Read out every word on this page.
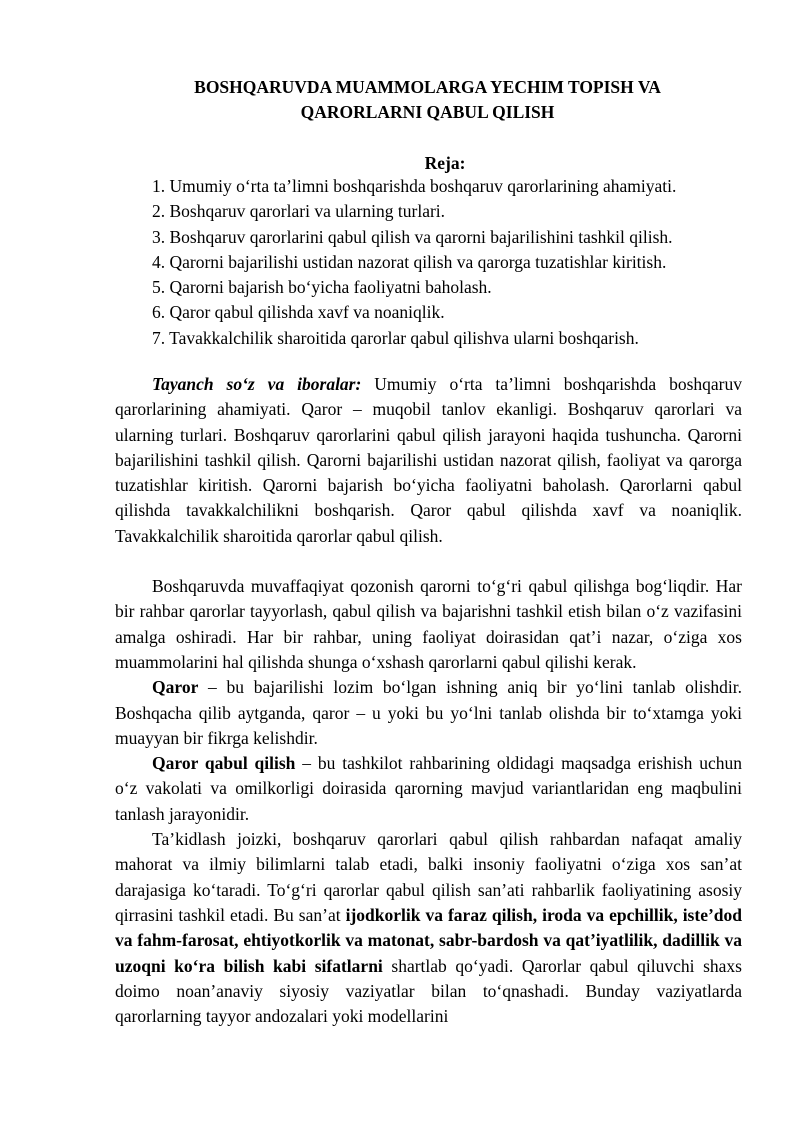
BOSHQARUVDA MUAMMOLARGA YECHIM TOPISH VA QARORLARNI QABUL QILISH
Reja:
1. Umumiy o‘rta ta’limni boshqarishda boshqaruv qarorlarining ahamiyati.
2. Boshqaruv qarorlari va ularning turlari.
3. Boshqaruv qarorlarini qabul qilish va qarorni bajarilishini tashkil qilish.
4. Qarorni bajarilishi ustidan nazorat qilish va qarorga tuzatishlar kiritish.
5. Qarorni bajarish bo‘yicha faoliyatni baholash.
6. Qaror qabul qilishda xavf va noaniqlik.
7. Tavakkalchilik sharoitida qarorlar qabul qilishva ularni boshqarish.

Tayanch so‘z va iboralar: Umumiy o‘rta ta’limni boshqarishda boshqaruv qarorlarining ahamiyati. Qaror – muqobil tanlov ekanligi. Boshqaruv qarorlari va ularning turlari. Boshqaruv qarorlarini qabul qilish jarayoni haqida tushuncha. Qarorni bajarilishini tashkil qilish. Qarorni bajarilishi ustidan nazorat qilish, faoliyat va qarorga tuzatishlar kiritish. Qarorni bajarish bo‘yicha faoliyatni baholash. Qarorlarni qabul qilishda tavakkalchilikni boshqarish. Qaror qabul qilishda xavf va noaniqlik. Tavakkalchilik sharoitida qarorlar qabul qilish.

Boshqaruvda muvaffaqiyat qozonish qarorni to‘g‘ri qabul qilishga bog‘liqdir. Har bir rahbar qarorlar tayyorlash, qabul qilish va bajarishni tashkil etish bilan o‘z vazifasini amalga oshiradi. Har bir rahbar, uning faoliyat doirasidan qat’i nazar, o‘ziga xos muammolarini hal qilishda shunga o‘xshash qarorlarni qabul qilishi kerak.

Qaror – bu bajarilishi lozim bo‘lgan ishning aniq bir yo‘lini tanlab olishdir. Boshqacha qilib aytganda, qaror – u yoki bu yo‘lni tanlab olishda bir to‘xtamga yoki muayyan bir fikrga kelishdir.

Qaror qabul qilish – bu tashkilot rahbarining oldidagi maqsadga erishish uchun o‘z vakolati va omilkorligi doirasida qarorning mavjud variantlaridan eng maqbulini tanlash jarayonidir.

Ta’kidlash joizki, boshqaruv qarorlari qabul qilish rahbardan nafaqat amaliy mahorat va ilmiy bilimlarni talab etadi, balki insoniy faoliyatni o‘ziga xos san’at darajasiga ko‘taradi. To‘g‘ri qarorlar qabul qilish san’ati rahbarlik faoliyatining asosiy qirrasini tashkil etadi. Bu san’at ijodkorlik va faraz qilish, iroda va epchillik, iste’dod va fahm-farosat, ehtiyotkorlik va matonat, sabr-bardosh va qat’iyatlilik, dadillik va uzoqni ko‘ra bilish kabi sifatlarni shartlab qo‘yadi. Qarorlar qabul qiluvchi shaxs doimo noan’anaviy siyosiy vaziyatlar bilan to‘qnashadi. Bunday vaziyatlarda qarorlarning tayyor andozalari yoki modellarini
